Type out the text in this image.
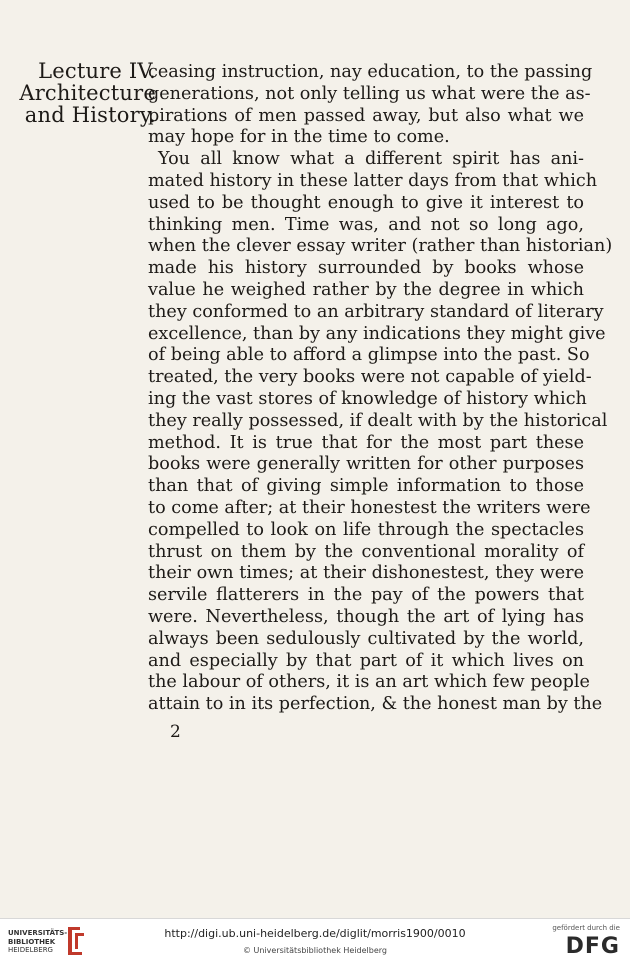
Lecture IV.
Architecture
and History.
ceasing instruction, nay education, to the passing
generations, not only telling us what were the as‐
pirations of men passed away, but also what we
may hope for in the time to come.
You all know what a different spirit has ani‐
mated history in these latter days from that which
used to be thought enough to give it interest to
thinking men. Time was, and not so long ago,
when the clever essay writer (rather than historian)
made his history surrounded by books whose
value he weighed rather by the degree in which
they conformed to an arbitrary standard of literary
excellence, than by any indications they might give
of being able to afford a glimpse into the past. So
treated, the very books were not capable of yield‐
ing the vast stores of knowledge of history which
they really possessed, if dealt with by the historical
method. It is true that for the most part these
books were generally written for other purposes
than that of giving simple information to those
to come after; at their honestest the writers were
compelled to look on life through the spectacles
thrust on them by the conventional morality of
their own times; at their dishonestest, they were
servile flatterers in the pay of the powers that
were. Nevertheless, though the art of lying has
always been sedulously cultivated by the world,
and especially by that part of it which lives on
the labour of others, it is an art which few people
attain to in its perfection, & the honest man by the
2
UNIVERSITÄTS-
BIBLIOTHEK
HEIDELBERG
http://digi.ub.uni-heidelberg.de/diglit/morris1900/0010
© Universitätsbibliothek Heidelberg
gefördert durch die
DFG
